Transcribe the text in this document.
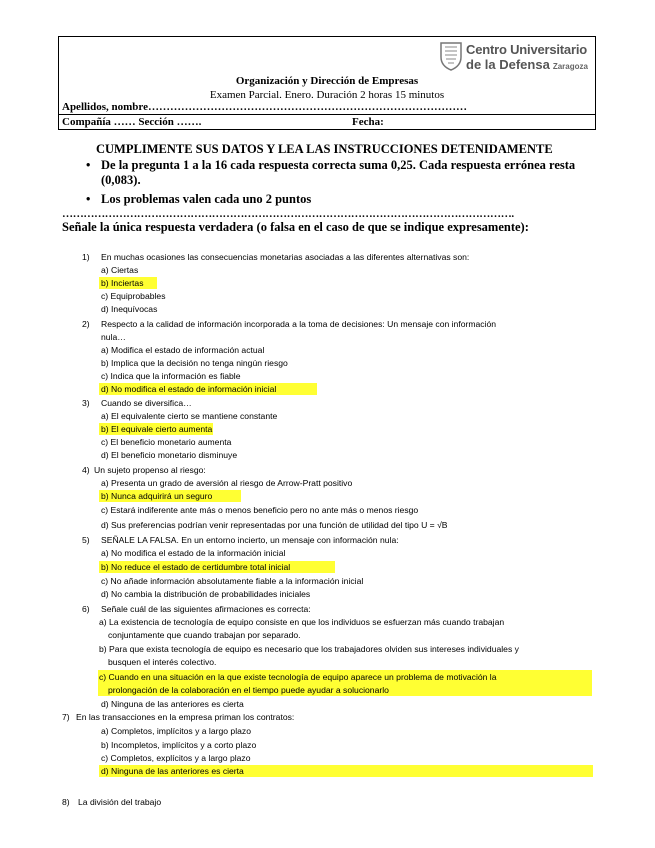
Centro Universitario
de la Defensa Zaragoza
Organización y Dirección de Empresas
Examen Parcial. Enero. Duración 2 horas 15 minutos
Apellidos, nombre……………………………………………………………………………
Compañía …… Sección …….	Fecha:
CUMPLIMENTE SUS DATOS Y LEA LAS INSTRUCCIONES DETENIDAMENTE
• De la pregunta 1 a la 16 cada respuesta correcta suma 0,25. Cada respuesta errónea resta (0,083).
• Los problemas valen cada uno 2 puntos
……………………………………………………………………………………………………………….
Señale la única respuesta verdadera (o falsa en el caso de que se indique expresamente):
1) En muchas ocasiones las consecuencias monetarias asociadas a las diferentes alternativas son:
a) Ciertas
b) Inciertas
c) Equiprobables
d) Inequívocas
2) Respecto a la calidad de información incorporada a la toma de decisiones: Un mensaje con información
nula…
a) Modifica el estado de información actual
b) Implica que la decisión no tenga ningún riesgo
c) Indica que la información es fiable
d) No modifica el estado de información inicial
3) Cuando se diversifica…
a) El equivalente cierto se mantiene constante
b) El equivale cierto aumenta
c) El beneficio monetario aumenta
d) El beneficio monetario disminuye
4) Un sujeto propenso al riesgo:
a) Presenta un grado de aversión al riesgo de Arrow-Pratt positivo
b) Nunca adquirirá un seguro
c) Estará indiferente ante más o menos beneficio pero no ante más o menos riesgo
d) Sus preferencias podrían venir representadas por una función de utilidad del tipo U = √B
5) SEÑALE LA FALSA. En un entorno incierto, un mensaje con información nula:
a) No modifica el estado de la información inicial
b) No reduce el estado de certidumbre total inicial
c) No añade información absolutamente fiable a la información inicial
d) No cambia la distribución de probabilidades iniciales
6) Señale cuál de las siguientes afirmaciones es correcta:
a) La existencia de tecnología de equipo consiste en que los individuos se esfuerzan más cuando trabajan
conjuntamente que cuando trabajan por separado.
b) Para que exista tecnología de equipo es necesario que los trabajadores olviden sus intereses individuales y
busquen el interés colectivo.
c) Cuando en una situación en la que existe tecnología de equipo aparece un problema de motivación la
prolongación de la colaboración en el tiempo puede ayudar a solucionarlo
d) Ninguna de las anteriores es cierta
7) En las transacciones en la empresa priman los contratos:
a) Completos, implícitos y a largo plazo
b) Incompletos, implícitos y a corto plazo
c) Completos, explícitos y a largo plazo
d) Ninguna de las anteriores es cierta
8) La división del trabajo
